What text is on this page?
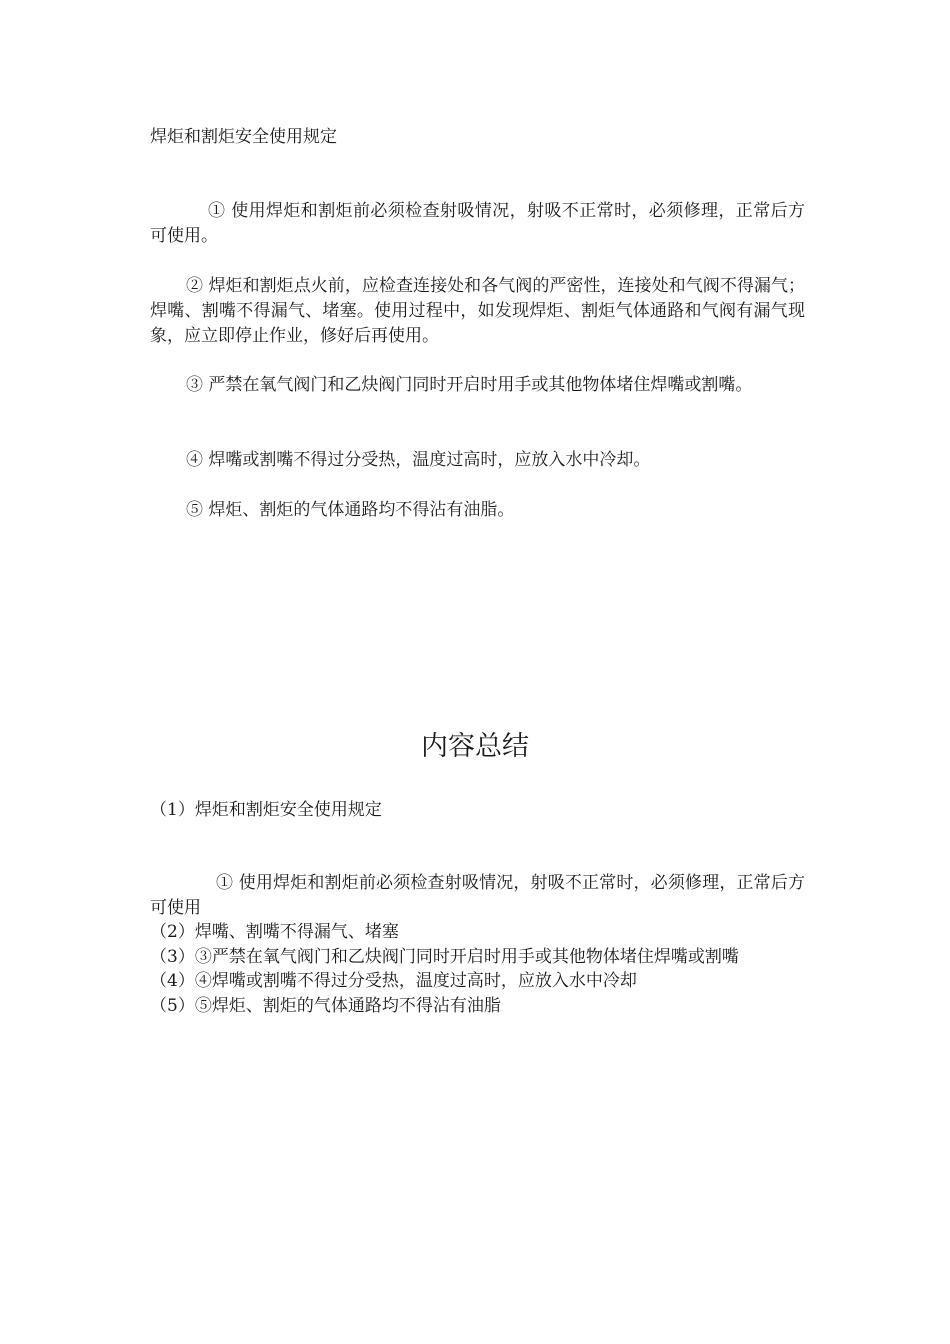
焊炬和割炬安全使用规定

① 使用焊炬和割炬前必须检查射吸情况，射吸不正常时，必须修理，正常后方可使用。

② 焊炬和割炬点火前，应检查连接处和各气阀的严密性，连接处和气阀不得漏气；焊嘴、割嘴不得漏气、堵塞。使用过程中，如发现焊炬、割炬气体通路和气阀有漏气现象，应立即停止作业，修好后再使用。

③ 严禁在氧气阀门和乙炔阀门同时开启时用手或其他物体堵住焊嘴或割嘴。

④ 焊嘴或割嘴不得过分受热，温度过高时，应放入水中冷却。

⑤ 焊炬、割炬的气体通路均不得沾有油脂。

内容总结
（1）焊炬和割炬安全使用规定

① 使用焊炬和割炬前必须检查射吸情况，射吸不正常时，必须修理，正常后方可使用

（2）焊嘴、割嘴不得漏气、堵塞

（3）③严禁在氧气阀门和乙炔阀门同时开启时用手或其他物体堵住焊嘴或割嘴

（4）④焊嘴或割嘴不得过分受热，温度过高时，应放入水中冷却

（5）⑤焊炬、割炬的气体通路均不得沾有油脂
